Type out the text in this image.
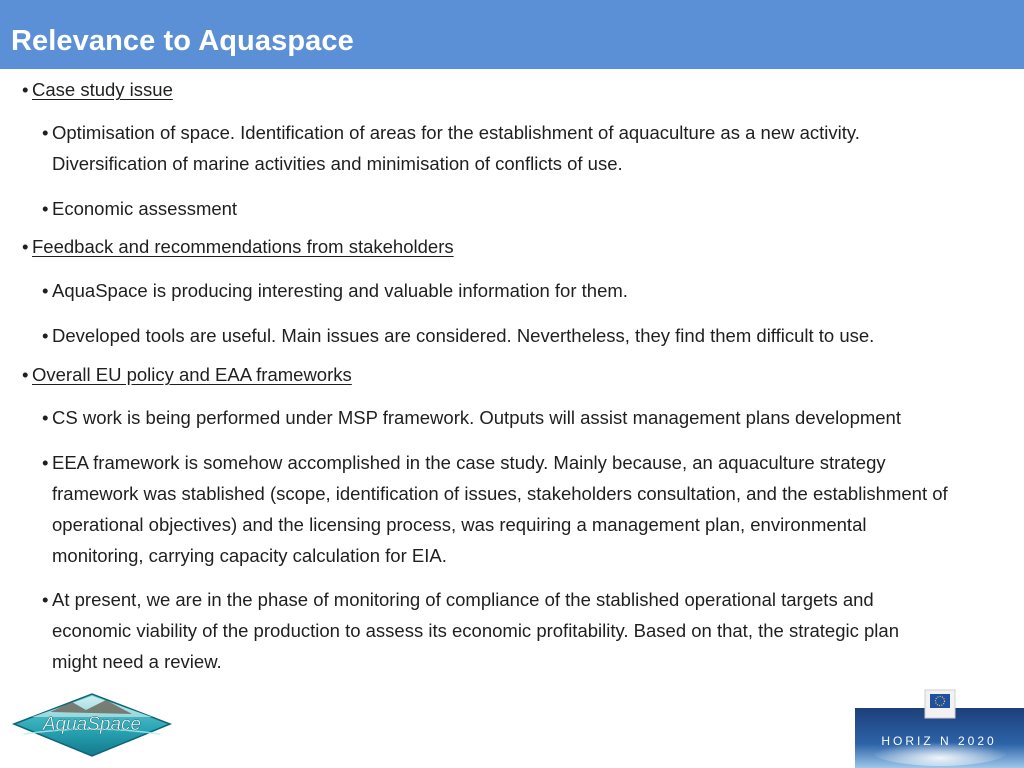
Relevance to Aquaspace
• Case study issue
• Optimisation of space. Identification of areas for the establishment of aquaculture as a new activity.
Diversification of marine activities and minimisation of conflicts of use.
• Economic assessment
• Feedback and recommendations from stakeholders
• AquaSpace is producing interesting and valuable information for them.
• Developed tools are useful. Main issues are considered. Nevertheless, they find them difficult to use.
• Overall EU policy and EAA frameworks
• CS work is being performed under MSP framework. Outputs will assist management plans development
• EEA framework is somehow accomplished in the case study. Mainly because, an aquaculture strategy
framework was stablished (scope, identification of issues, stakeholders consultation, and the establishment of
operational objectives) and the licensing process, was requiring a management plan, environmental
monitoring, carrying capacity calculation for EIA.
• At present, we are in the phase of monitoring of compliance of the stablished operational targets and
economic viability of the production to assess its economic profitability. Based on that, the strategic plan
might need a review.
AquaSpace
HORIZ N 2020
